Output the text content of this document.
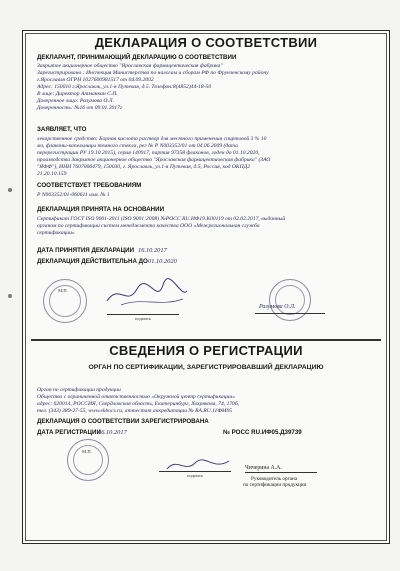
ДЕКЛАРАЦИЯ О СООТВЕТСТВИИ
ДЕКЛАРАНТ, ПРИНИМАЮЩИЙ ДЕКЛАРАЦИЮ О СООТВЕТСТВИИ
Закрытое акционерное общество "Ярославская фармацевтическая фабрика"
Зарегистрировано : Инспекция Министерства по налогам и сборам РФ по Фрунзенскому району
г.Ярославля ОГРН 1027600981517 от 04.09.2002
Адрес: 150010 г.Ярославль, ул.1-я Путевая, д.5. Телефон:8(4852)44-18-50
В лице: Директор Атманкин С.П.
Доверенное лицо: Разумова О.Л.
Доверенность: №16 от 09.01.2017г
ЗАЯВЛЯЕТ, ЧТО
лекарственное средство: Борная кислота раствор для местного применения спиртовой 3 % 10
мл, флаконы-капельницы темного стекла, рег № Р N003352/01 от 04.06.2009 (дата
перерегистрации РУ 19.10.2015), серия 140917, партия 97358 флаконов, годен до 01.10.2020,
производства Закрытое акционерное общество "Ярославская фармацевтическая фабрика" (ЗАО
"ЯФФ"), ИНН 7607006479, 150030, г. Ярославль, ул.1-я Путевая, д.5, Россия, код ОКПД2
21.20.10.159
СООТВЕТСТВУЕТ ТРЕБОВАНИЯМ
Р N003352/01-060611 изм. № 1
ДЕКЛАРАЦИЯ ПРИНЯТА НА ОСНОВАНИИ
Сертификат ГОСТ ISO 9001-2011 (ISO 9001:2008) №РОСС RU.ИФ19.К00119 от 02.02.2017, выданный
органом по сертификации систем менеджмента качества ООО «Межрегиональная служба
сертификации»
ДАТА ПРИНЯТИЯ ДЕКЛАРАЦИИ 16.10.2017
ДЕКЛАРАЦИЯ ДЕЙСТВИТЕЛЬНА ДО 01.10.2020
М.П.
подпись
Разумова О.Л.
СВЕДЕНИЯ О РЕГИСТРАЦИИ
ОРГАН ПО СЕРТИФИКАЦИИ, ЗАРЕГИСТРИРОВАВШИЙ ДЕКЛАРАЦИЮ
Орган по сертификации продукции
Общество с ограниченной ответственностью «Окружной центр сертификации»
адрес: 620014, РОССИЯ, Свердловская область, Екатеринбург, Хохрякова, 74, 1706,
тел. (343) 389-27-55, www.ekbocs.ru, аттестат аккредитации № RA.RU.11ФМ05
ДЕКЛАРАЦИЯ О СООТВЕТСТВИИ ЗАРЕГИСТРИРОВАНА
ДАТА РЕГИСТРАЦИИ
16.10.2017	№ РОСС RU.ИФ05.Д39739
М.П.
подпись
Чичерина А.А.
Руководитель органа
по сертификации продукции
